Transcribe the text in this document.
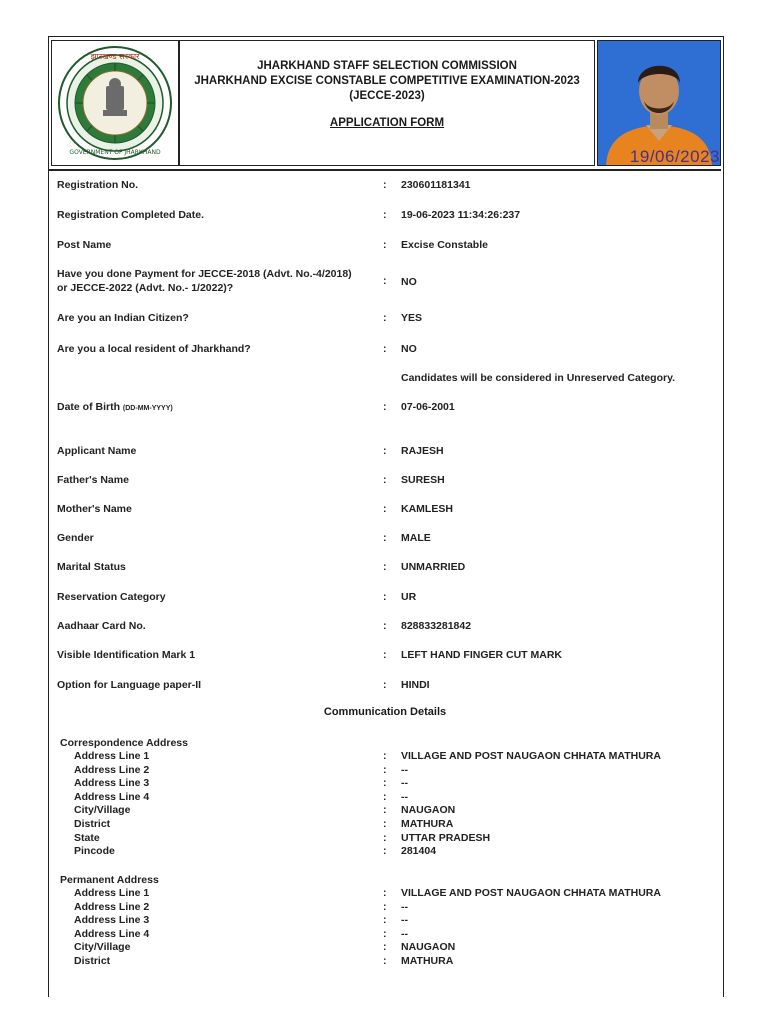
झारखण्ड सरकार
GOVERNMENT OF JHARKHAND
JHARKHAND STAFF SELECTION COMMISSION
JHARKHAND EXCISE CONSTABLE COMPETITIVE EXAMINATION-2023
(JECCE-2023)
APPLICATION FORM
19/06/2023
Registration No.	: 230601181341
Registration Completed Date.	: 19-06-2023 11:34:26:237
Post Name	: Excise Constable
Have you done Payment for JECCE-2018 (Advt. No.-4/2018)
or JECCE-2022 (Advt. No.- 1/2022)?
: NO
Are you an Indian Citizen?	: YES
Are you a local resident of Jharkhand?	: NO
Candidates will be considered in Unreserved Category.
Date of Birth (DD-MM-YYYY)	: 07-06-2001
Applicant Name	: RAJESH
Father's Name	: SURESH
Mother's Name	: KAMLESH
Gender	: MALE
Marital Status	: UNMARRIED
Reservation Category	: UR
Aadhaar Card No.	: 828833281842
Visible Identification Mark 1	: LEFT HAND FINGER CUT MARK
Option for Language paper-II	: HINDI
Communication Details
Correspondence Address
Address Line 1	: VILLAGE AND POST NAUGAON CHHATA MATHURA
Address Line 2	: --
Address Line 3	: --
Address Line 4	: --
City/Village	: NAUGAON
District	: MATHURA
State	: UTTAR PRADESH
Pincode	: 281404
Permanent Address
Address Line 1	: VILLAGE AND POST NAUGAON CHHATA MATHURA
Address Line 2	: --
Address Line 3	: --
Address Line 4	: --
City/Village	: NAUGAON
District	: MATHURA
